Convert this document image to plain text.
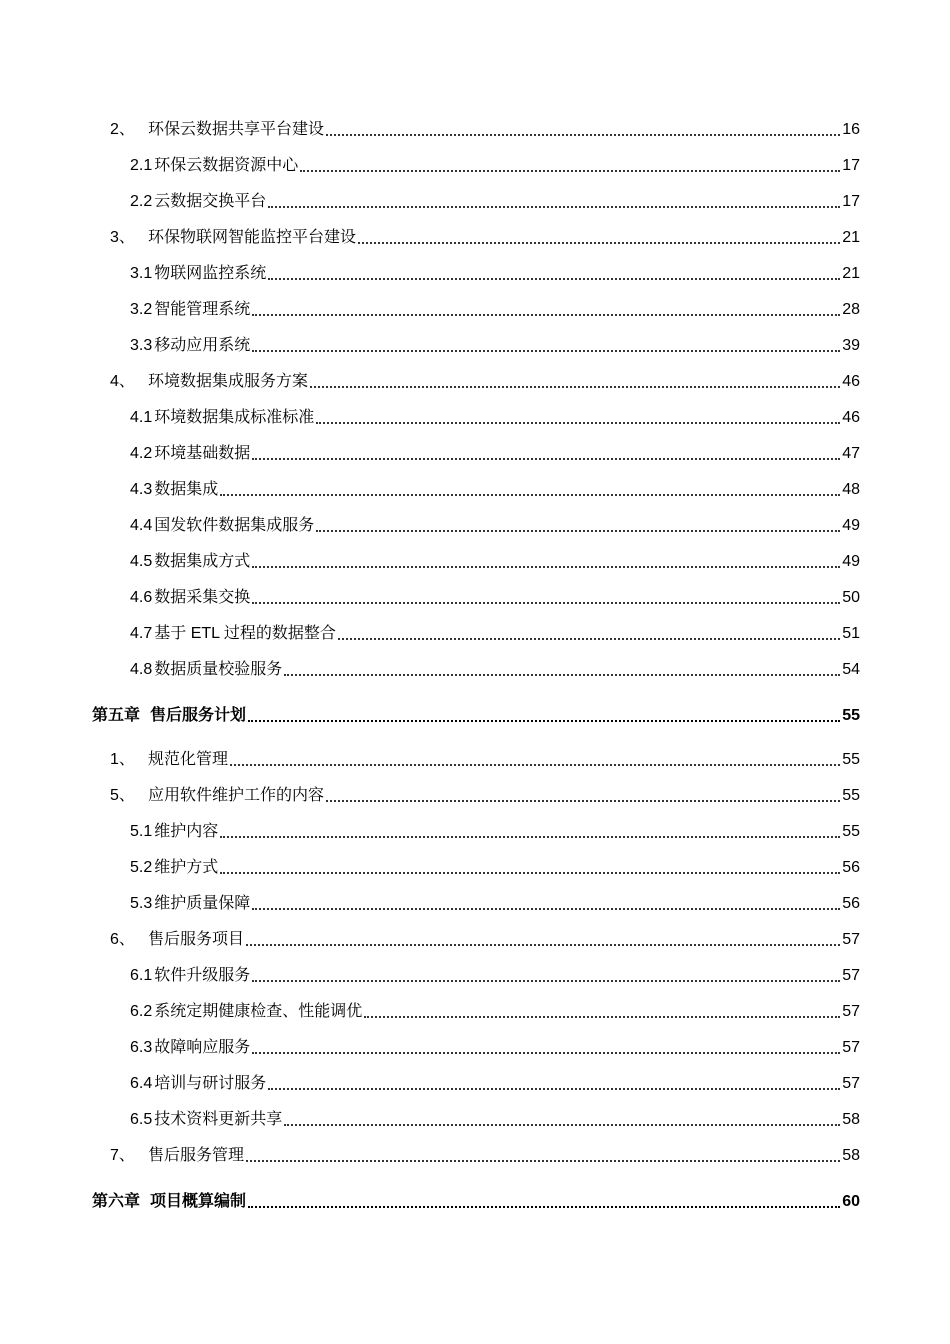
2、 环保云数据共享平台建设	16
2.1 环保云数据资源中心	17
2.2 云数据交换平台	17
3、 环保物联网智能监控平台建设	21
3.1 物联网监控系统	21
3.2 智能管理系统	28
3.3 移动应用系统	39
4、 环境数据集成服务方案	46
4.1 环境数据集成标准标准	46
4.2 环境基础数据	47
4.3 数据集成	48
4.4 国发软件数据集成服务	49
4.5 数据集成方式	49
4.6 数据采集交换	50
4.7 基于 ETL 过程的数据整合	51
4.8 数据质量校验服务	54
第五章 售后服务计划	55
1、 规范化管理	55
5、 应用软件维护工作的内容	55
5.1 维护内容	55
5.2 维护方式	56
5.3 维护质量保障	56
6、 售后服务项目	57
6.1 软件升级服务	57
6.2 系统定期健康检查、性能调优	57
6.3 故障响应服务	57
6.4 培训与研讨服务	57
6.5 技术资料更新共享	58
7、 售后服务管理	58
第六章 项目概算编制	60
